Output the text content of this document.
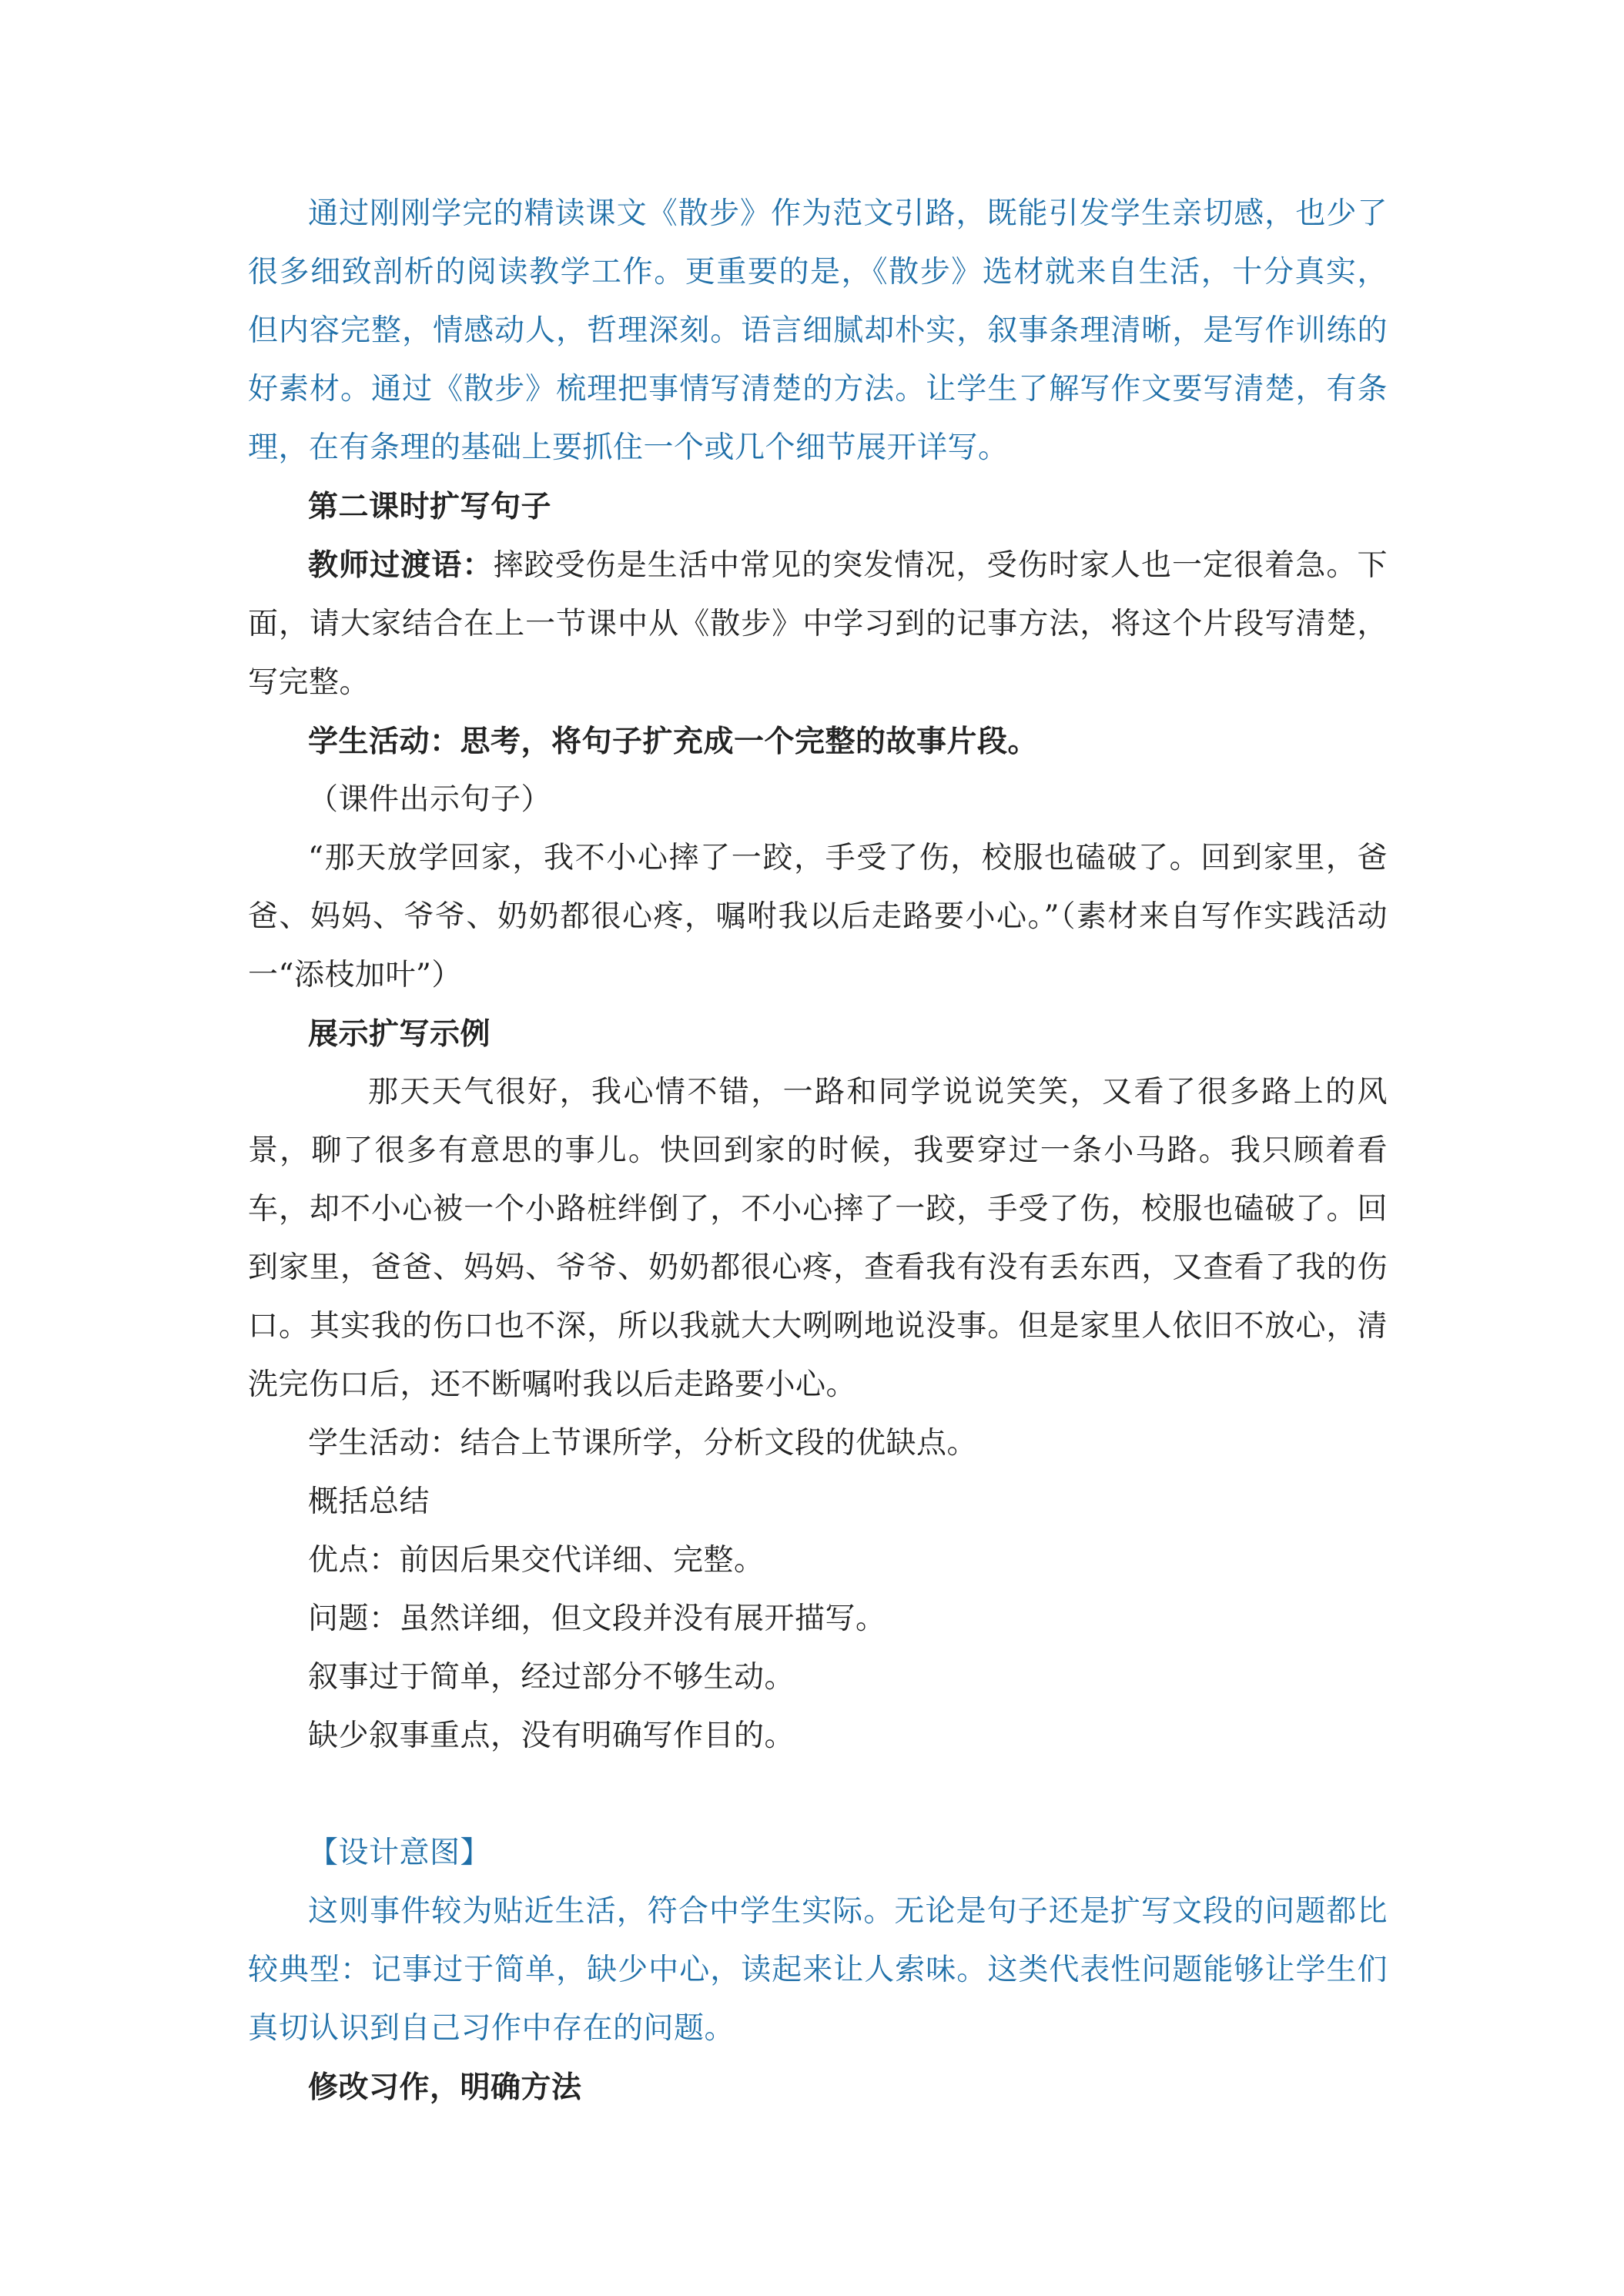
通过刚刚学完的精读课文《散步》作为范文引路，既能引发学生亲切感，也少了很多细致剖析的阅读教学工作。更重要的是，《散步》选材就来自生活，十分真实，但内容完整，情感动人，哲理深刻。语言细腻却朴实，叙事条理清晰，是写作训练的好素材。通过《散步》梳理把事情写清楚的方法。让学生了解写作文要写清楚，有条理，在有条理的基础上要抓住一个或几个细节展开详写。

第二课时扩写句子

教师过渡语：摔跤受伤是生活中常见的突发情况，受伤时家人也一定很着急。下面，请大家结合在上一节课中从《散步》中学习到的记事方法，将这个片段写清楚，写完整。

学生活动：思考，将句子扩充成一个完整的故事片段。

（课件出示句子）

“那天放学回家，我不小心摔了一跤，手受了伤，校服也磕破了。回到家里，爸爸、妈妈、爷爷、奶奶都很心疼，嘱咐我以后走路要小心。”（素材来自写作实践活动一“添枝加叶”）

展示扩写示例

那天天气很好，我心情不错，一路和同学说说笑笑，又看了很多路上的风景，聊了很多有意思的事儿。快回到家的时候，我要穿过一条小马路。我只顾着看车，却不小心被一个小路桩绊倒了，不小心摔了一跤，手受了伤，校服也磕破了。回到家里，爸爸、妈妈、爷爷、奶奶都很心疼，查看我有没有丢东西，又查看了我的伤口。其实我的伤口也不深，所以我就大大咧咧地说没事。但是家里人依旧不放心，清洗完伤口后，还不断嘱咐我以后走路要小心。

学生活动：结合上节课所学，分析文段的优缺点。

概括总结

优点：前因后果交代详细、完整。

问题：虽然详细，但文段并没有展开描写。

叙事过于简单，经过部分不够生动。

缺少叙事重点，没有明确写作目的。

【设计意图】

这则事件较为贴近生活，符合中学生实际。无论是句子还是扩写文段的问题都比较典型：记事过于简单，缺少中心，读起来让人索味。这类代表性问题能够让学生们真切认识到自己习作中存在的问题。

修改习作，明确方法
